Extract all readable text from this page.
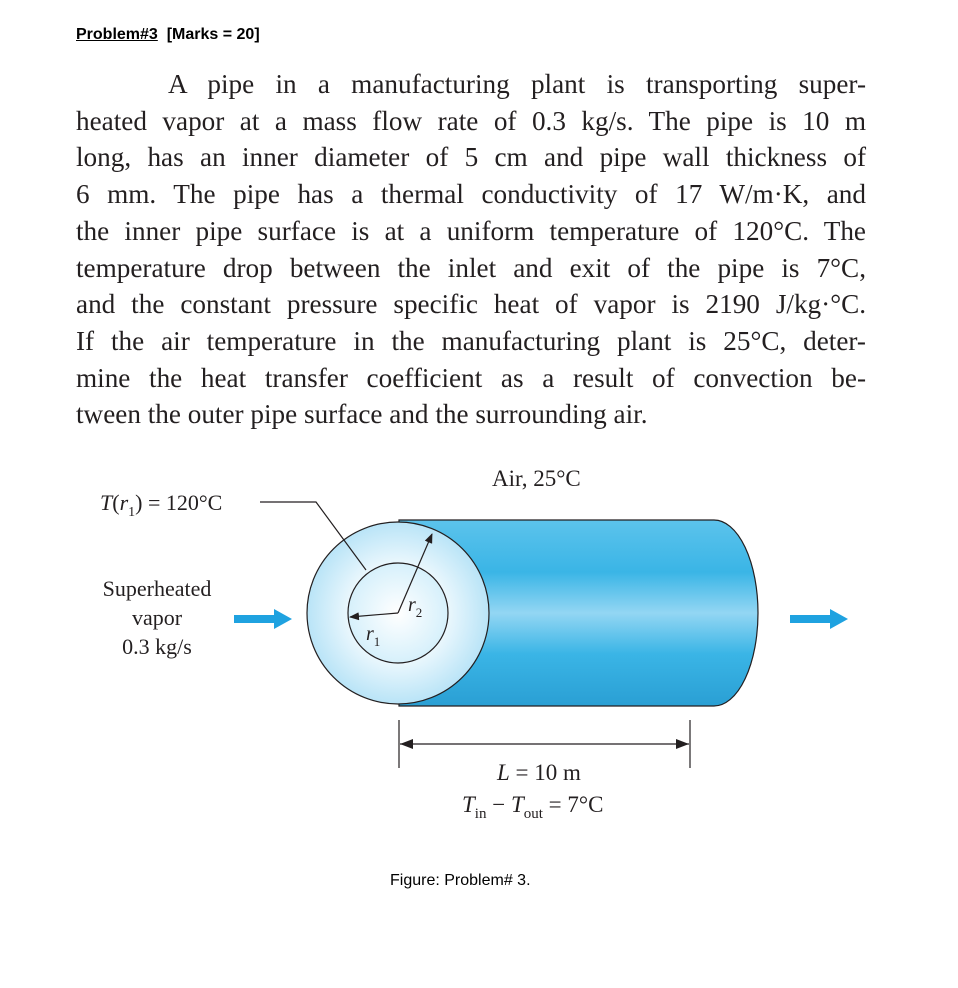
Problem#3 [Marks = 20]
A pipe in a manufacturing plant is transporting super-
heated vapor at a mass flow rate of 0.3 kg/s. The pipe is 10 m
long, has an inner diameter of 5 cm and pipe wall thickness of
6 mm. The pipe has a thermal conductivity of 17 W/m·K, and
the inner pipe surface is at a uniform temperature of 120°C. The
temperature drop between the inlet and exit of the pipe is 7°C,
and the constant pressure specific heat of vapor is 2190 J/kg·°C.
If the air temperature in the manufacturing plant is 25°C, deter-
mine the heat transfer coefficient as a result of convection be-
tween the outer pipe surface and the surrounding air.
$r_2$
$r_1$
$T(r_1) = 120^\circ C$
Air, 25°C
Superheated
vapor
0.3 kg/s
L = 10 m
$T_{in} - T_{out} = 7^\circ C$
Figure: Problem# 3.
